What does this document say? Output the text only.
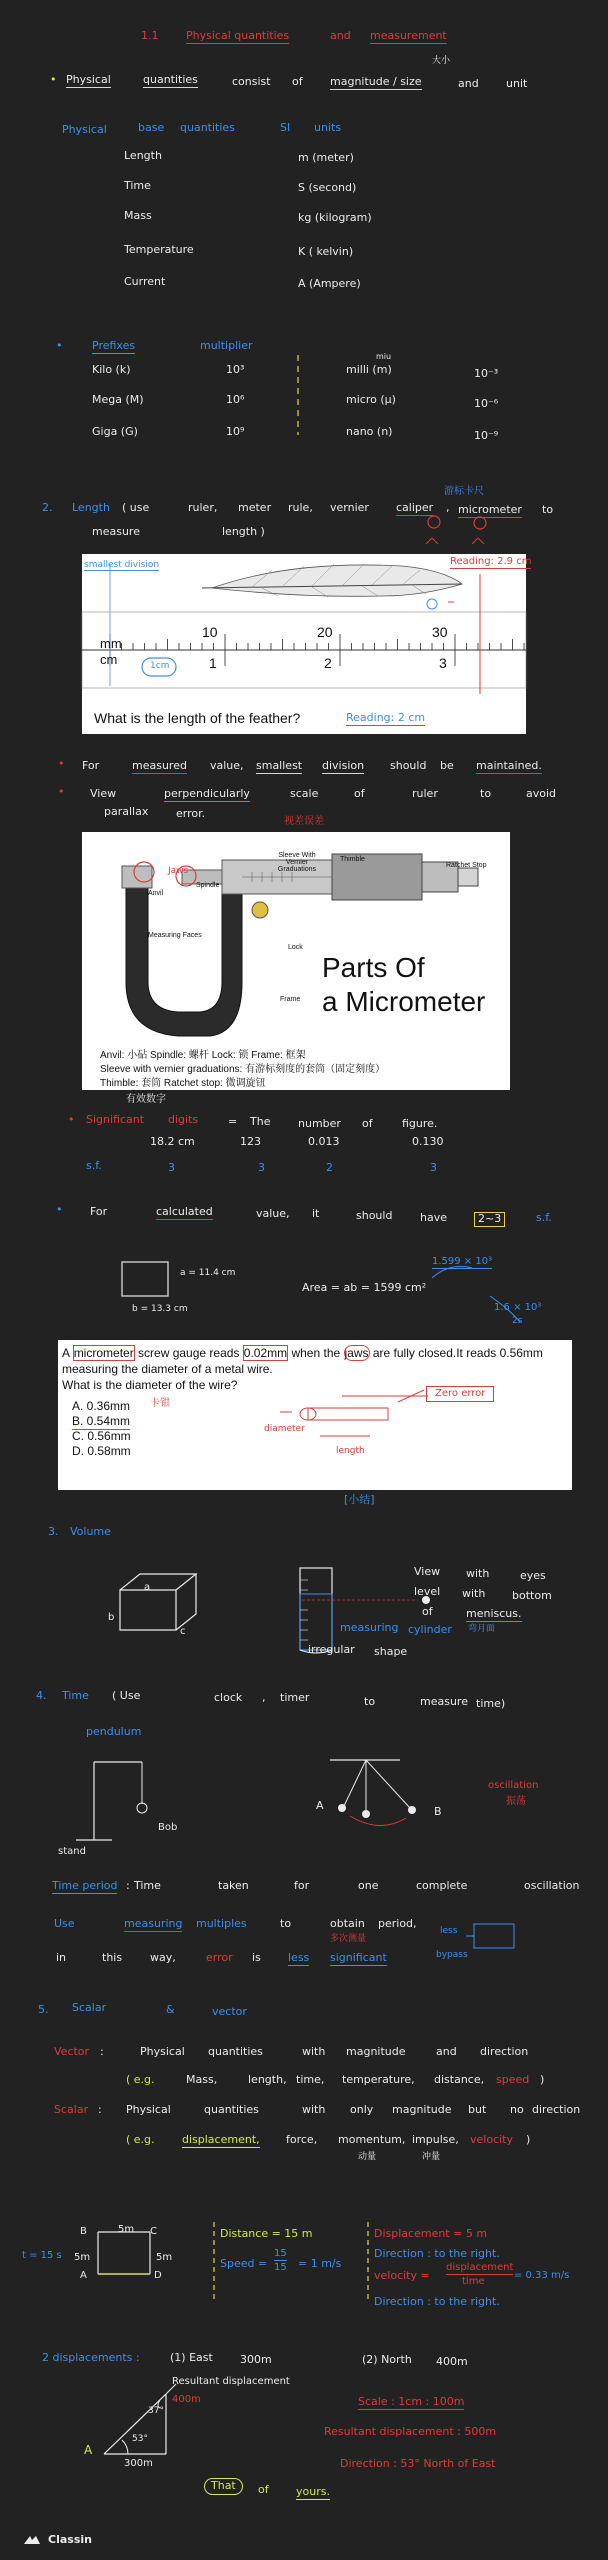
1.1	Physical quantities	and measurement
大小
• Physical	quantities	consist of magnitude / size	and unit
Physical	base quantities	SI units
Length	m (meter)
Time	S (second)
Mass	kg (kilogram)
Temperature	K ( kelvin)
Current	A (Ampere)
•	Prefixes	multiplier
Kilo (k)	10³
Mega (M)	10⁶
Giga (G)	10⁹
milli (m)	10⁻³
micro (μ)	10⁻⁶
nano (n)	10⁻⁹
miu
游标卡尺
2. Length ( use	ruler, meter rule, vernier caliper , micrometer to
measure	length )
smallest division	Reading: 2.9 cm
mm
cm
10	20	30
1	2	3
1cm
What is the length of the feather?	Reading: 2 cm
• For	measured value, smallest division should be maintained.
• View	perpendicularly	scale	of	ruler	to	avoid
parallax	error.
视差误差
Jaws
Anvil
Spindle
Sleeve With Vernier Graduations
Thimble
Ratchet Stop
Measuring Faces
Lock
Frame
Parts Of
a Micrometer
Anvil: 小砧 Spindle: 螺杆 Lock: 锁 Frame: 框架
Sleeve with vernier graduations: 有游标刻度的套筒（固定刻度）
Thimble: 套筒 Ratchet stop: 微调旋钮
有效数字
• Significant digits	= The	number of	figure.
18.2 cm	123	0.013	0.130
s.f.	3	3	2	3
•	For	calculated	value, it	should	have	2~3	s.f.
a = 11.4 cm
b = 13.3 cm
Area = ab = 1599 cm²
1.599 × 10³
1.6 × 10³
2s
A micrometer screw gauge reads 0.02mm when the jaws are fully closed.It reads 0.56mm
measuring the diameter of a metal wire.
What is the diameter of the wire?
A. 0.36mm
B. 0.54mm
C. 0.56mm
D. 0.58mm
卡钳
Zero error
diameter
length
[小结]
3. Volume
a
b
c
View with	eyes
level with bottom
of	meniscus.
弯月面
measuring cylinder
irregular shape
4. Time ( Use	clock , timer	to	measure time)
pendulum
Bob
stand
A	B
oscillation
振荡
Time period : Time	taken	for	one	complete	oscillation
Use	measuring multiples	to	obtain period,
in	this	way,	error is less significant
多次测量
less
bypass
5. Scalar	&	vector
Vector :	Physical quantities	with magnitude	and direction
( e.g.	Mass,	length, time, temperature, distance, speed )
Scalar : Physical	quantities	with only magnitude but no direction
( e.g. displacement, force, momentum, impulse, velocity )
动量	冲量
B	5m C
t = 15 s 5m	5m
A	D
Distance = 15 m
Speed =
15
15 = 1 m/s
Displacement = 5 m
Direction : to the right.
velocity =
displacement
time
= 0.33 m/s
Direction : to the right.
2 displacements :	(1) East 300m	(2) North 400m
Resultant displacement
400m
37°
53°
300m
A
Scale : 1cm : 100m
Resultant displacement : 500m
Direction : 53° North of East
That	of yours.
Classin
